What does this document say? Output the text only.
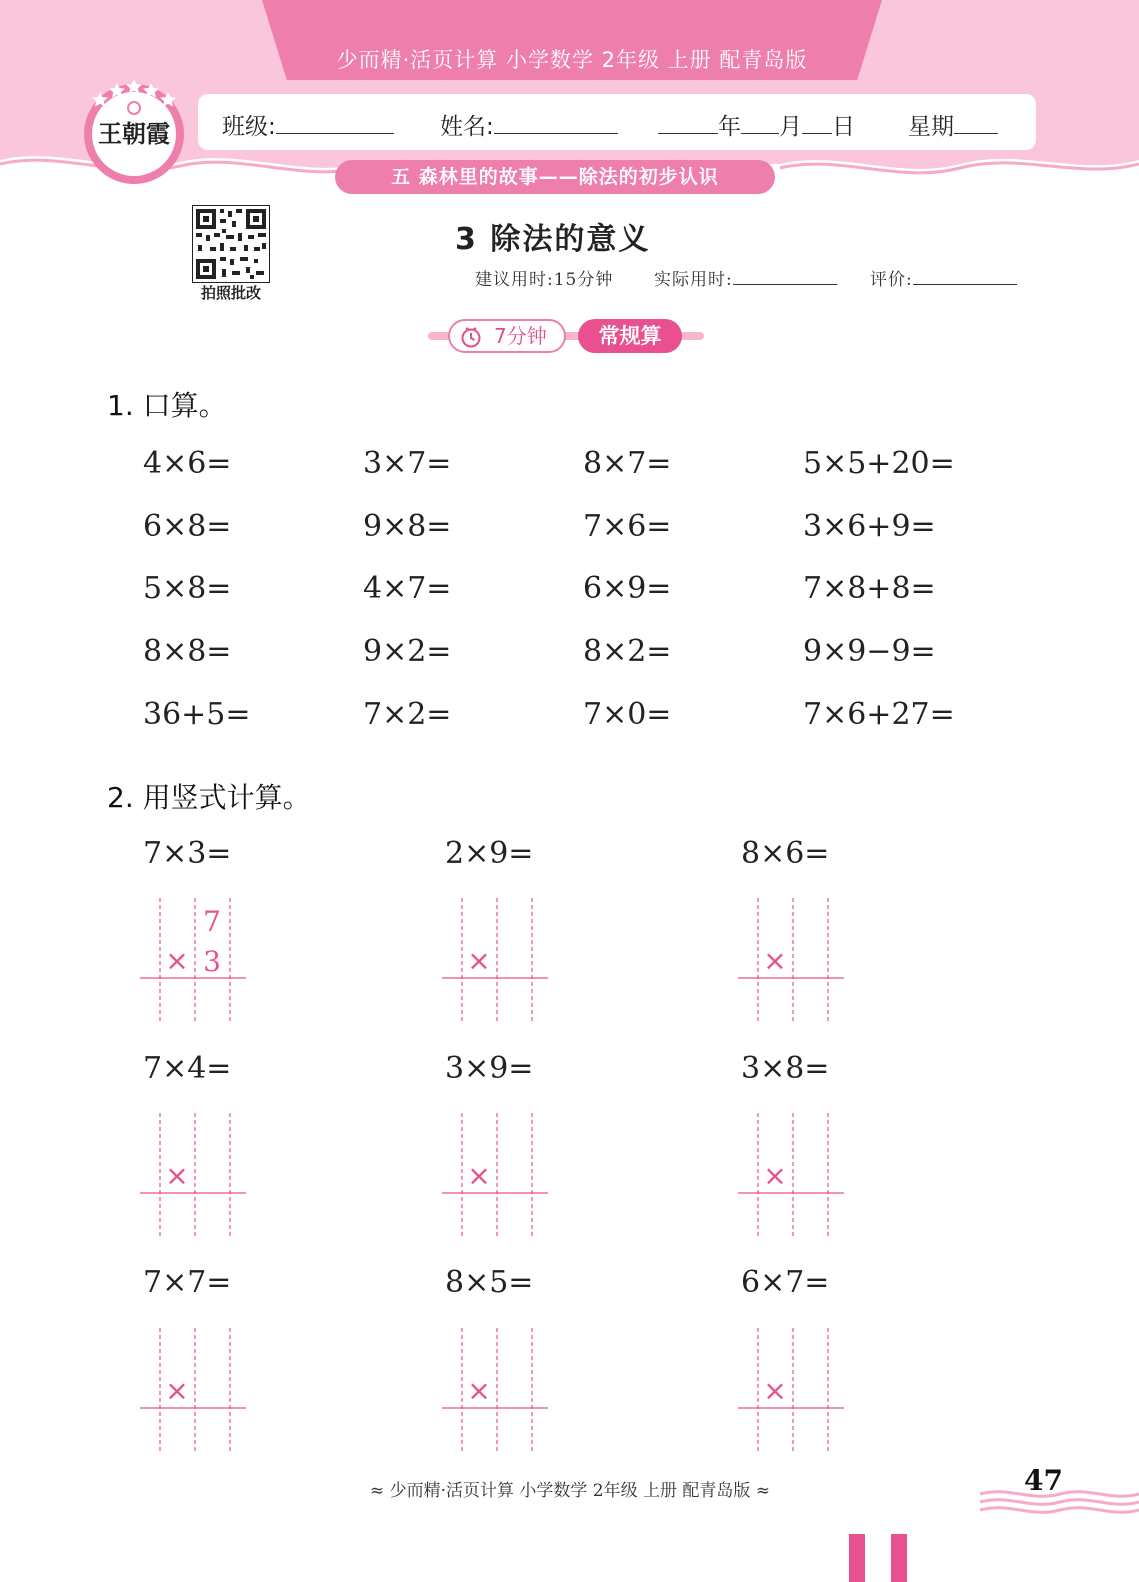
少而精·活页计算 小学数学 2年级 上册 配青岛版
班级:	姓名:	年 月 日 星期
王朝霞
五 森林里的故事——除法的初步认识
拍照批改
3 除法的意义
建议用时:15分钟 实际用时:	评价:
7分钟	常规算
1. 口算。
4×6=	3×7=	8×7=	5×5+20=
6×8=	9×8=	7×6=	3×6+9=
5×8=	4×7=	6×9=	7×8+8=
8×8=	9×2=	8×2=	9×9−9=
36+5=	7×2=	7×0=	7×6+27=
2. 用竖式计算。
7×3=	2×9=	8×6=
7×4=	3×9=	3×8=
7×7=	8×5=	6×7=
7
3
×	×	×
×	×	×
×	×	×
≈ 少而精·活页计算 小学数学 2年级 上册 配青岛版 ≈	47
